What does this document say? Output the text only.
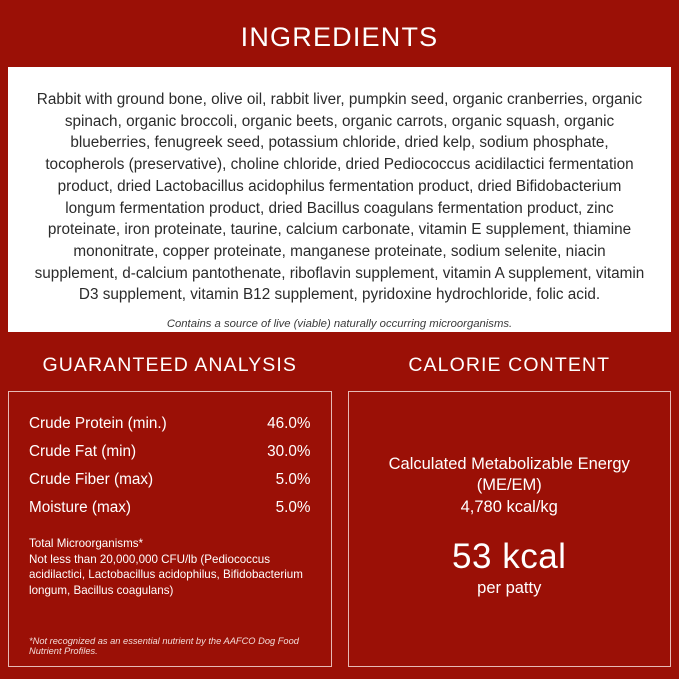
INGREDIENTS
Rabbit with ground bone, olive oil, rabbit liver, pumpkin seed, organic cranberries, organic spinach, organic broccoli, organic beets, organic carrots, organic squash, organic blueberries, fenugreek seed, potassium chloride, dried kelp, sodium phosphate, tocopherols (preservative), choline chloride, dried Pediococcus acidilactici fermentation product, dried Lactobacillus acidophilus fermentation product, dried Bifidobacterium longum fermentation product, dried Bacillus coagulans fermentation product, zinc proteinate, iron proteinate, taurine, calcium carbonate, vitamin E supplement, thiamine mononitrate, copper proteinate, manganese proteinate, sodium selenite, niacin supplement, d-calcium pantothenate, riboflavin supplement, vitamin A supplement, vitamin D3 supplement, vitamin B12 supplement, pyridoxine hydrochloride, folic acid.
Contains a source of live (viable) naturally occurring microorganisms.
GUARANTEED ANALYSIS	CALORIE CONTENT
Crude Protein (min.)	46.0%
Crude Fat (min)	30.0%
Crude Fiber (max)	5.0%
Moisture (max)	5.0%
Total Microorganisms*
Not less than 20,000,000 CFU/lb (Pediococcus acidilactici, Lactobacillus acidophilus, Bifidobacterium longum, Bacillus coagulans)
*Not recognized as an essential nutrient by the AAFCO Dog Food Nutrient Profiles.
Calculated Metabolizable Energy (ME/EM)
4,780 kcal/kg
53 kcal
per patty
